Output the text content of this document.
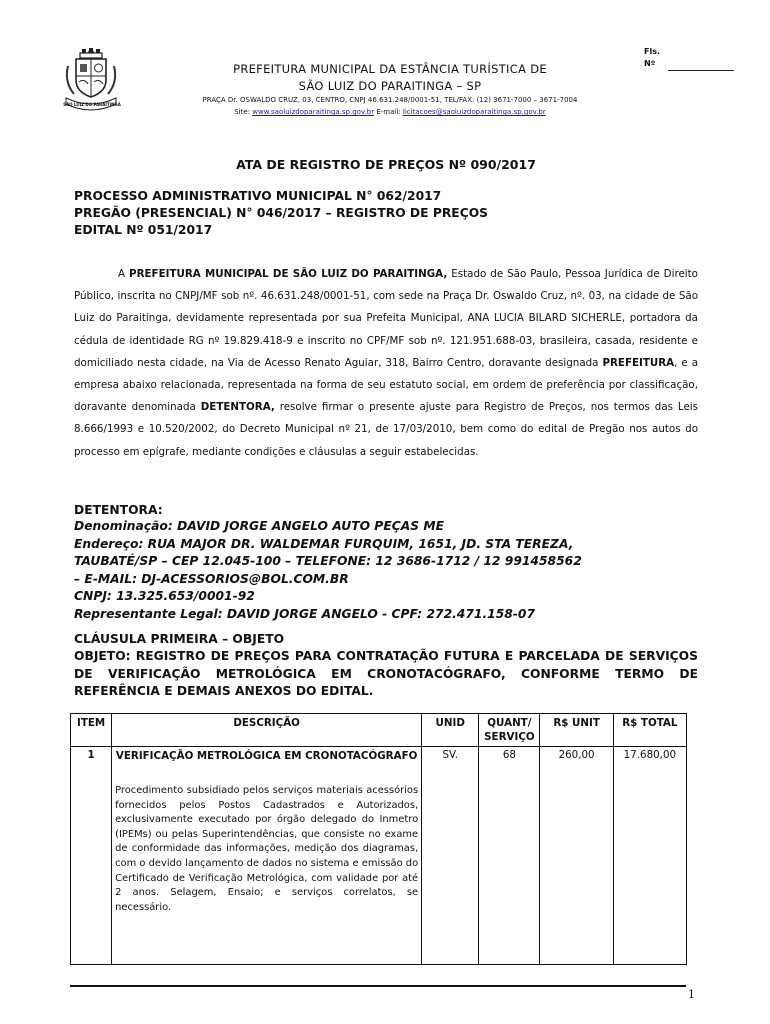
SÃO LUIZ DO PARAITINGA
Fls.
Nº
PREFEITURA MUNICIPAL DA ESTÂNCIA TURÍSTICA DE
SÃO LUIZ DO PARAITINGA – SP
PRAÇA Dr. OSWALDO CRUZ, 03, CENTRO, CNPJ 46.631.248/0001-51, TEL/FAX: (12) 3671-7000 – 3671-7004
Site: www.saoluizdoparaitinga.sp.gov.br E-mail: licitacoes@saoluizdoparaitinga.sp.gov.br
ATA DE REGISTRO DE PREÇOS Nº 090/2017
PROCESSO ADMINISTRATIVO MUNICIPAL N° 062/2017
PREGÃO (PRESENCIAL) N° 046/2017 – REGISTRO DE PREÇOS
EDITAL Nº 051/2017
A PREFEITURA MUNICIPAL DE SÃO LUIZ DO PARAITINGA, Estado de São Paulo, Pessoa Jurídica de Direito Público, inscrita no CNPJ/MF sob nº. 46.631.248/0001-51, com sede na Praça Dr. Oswaldo Cruz, nº. 03, na cidade de São Luiz do Paraitinga, devidamente representada por sua Prefeita Municipal, ANA LUCIA BILARD SICHERLE, portadora da cédula de identidade RG nº 19.829.418-9 e inscrito no CPF/MF sob nº. 121.951.688-03, brasileira, casada, residente e domiciliado nesta cidade, na Via de Acesso Renato Aguiar, 318, Bairro Centro, doravante designada PREFEITURA, e a empresa abaixo relacionada, representada na forma de seu estatuto social, em ordem de preferência por classificação, doravante denominada DETENTORA, resolve firmar o presente ajuste para Registro de Preços, nos termos das Leis 8.666/1993 e 10.520/2002, do Decreto Municipal nº 21, de 17/03/2010, bem como do edital de Pregão nos autos do processo em epígrafe, mediante condições e cláusulas a seguir estabelecidas.
DETENTORA:
Denominação: DAVID JORGE ANGELO AUTO PEÇAS ME
Endereço: RUA MAJOR DR. WALDEMAR FURQUIM, 1651, JD. STA TEREZA,
TAUBATÉ/SP – CEP 12.045-100 – TELEFONE: 12 3686-1712 / 12 991458562
– E-MAIL: DJ-ACESSORIOS@BOL.COM.BR
CNPJ: 13.325.653/0001-92
Representante Legal: DAVID JORGE ANGELO - CPF: 272.471.158-07
CLÁUSULA PRIMEIRA – OBJETO
OBJETO: REGISTRO DE PREÇOS PARA CONTRATAÇÃO FUTURA E PARCELADA DE SERVIÇOS DE VERIFICAÇÃO METROLÓGICA EM CRONOTACÓGRAFO, CONFORME TERMO DE REFERÊNCIA E DEMAIS ANEXOS DO EDITAL.
ITEM	DESCRIÇÃO	UNID	QUANT/ SERVIÇO	R$ UNIT	R$ TOTAL
1	VERIFICAÇÃO METROLÓGICA EM CRONOTACÓGRAFO
Procedimento subsidiado pelos serviços materiais acessórios fornecidos pelos Postos Cadastrados e Autorizados, exclusivamente executado por órgão delegado do Inmetro (IPEMs) ou pelas Superintendências, que consiste no exame de conformidade das informações, medição dos diagramas, com o devido lançamento de dados no sistema e emissão do Certificado de Verificação Metrológica, com validade por até 2 anos. Selagem, Ensaio; e serviços correlatos, se necessário.	SV.	68	260,00	17.680,00
1
